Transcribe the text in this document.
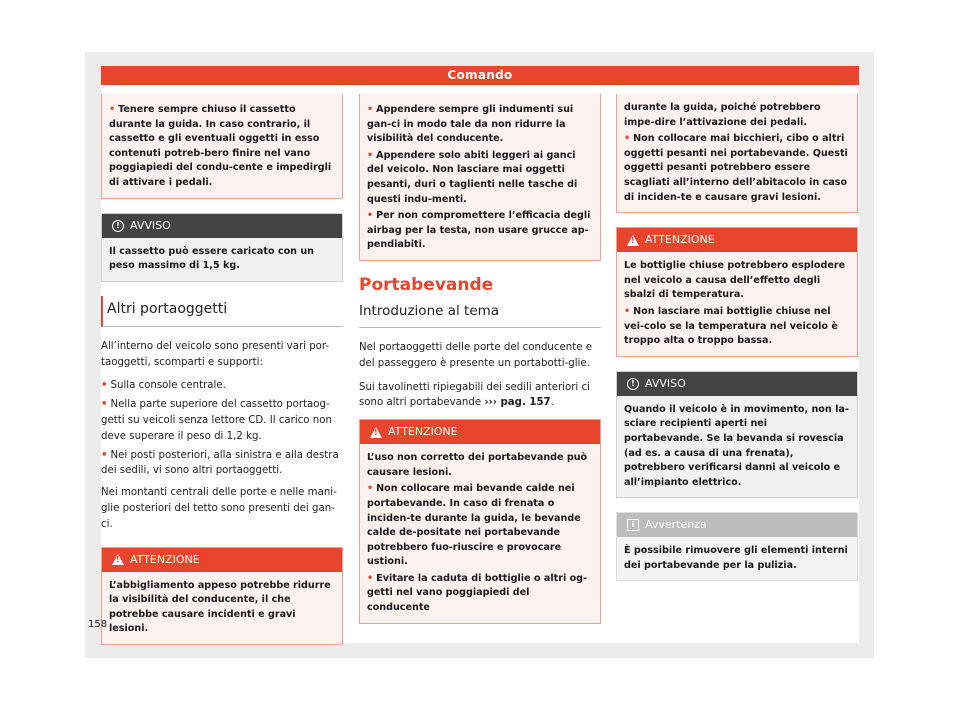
Comando

• Tenere sempre chiuso il cassetto durante la guida. In caso contrario, il cassetto e gli eventuali oggetti in esso contenuti potreb-bero finire nel vano poggiapiedi del condu-cente e impedirgli di attivare i pedali.

! AVVISO

Il cassetto può essere caricato con un peso massimo di 1,5 kg.

Altri portaoggetti

All’interno del veicolo sono presenti vari por-taoggetti, scomparti e supporti:

• Sulla console centrale.

• Nella parte superiore del cassetto portaog-getti su veicoli senza lettore CD. Il carico non deve superare il peso di 1,2 kg.

• Nei posti posteriori, alla sinistra e alla destra dei sedili, vi sono altri portaoggetti.

Nei montanti centrali delle porte e nelle mani-glie posteriori del tetto sono presenti dei gan-ci.

!
ATTENZIONE

L’abbigliamento appeso potrebbe ridurre la visibilità del conducente, il che potrebbe causare incidenti e gravi lesioni.

• Appendere sempre gli indumenti sui gan-ci in modo tale da non ridurre la visibilità del conducente.

• Appendere solo abiti leggeri ai ganci del veicolo. Non lasciare mai oggetti pesanti, duri o taglienti nelle tasche di questi indu-menti.

• Per non compromettere l’efficacia degli airbag per la testa, non usare grucce ap-pendiabiti.

Portabevande
Introduzione al tema

Nel portaoggetti delle porte del conducente e del passeggero è presente un portabotti-glie.

Sui tavolinetti ripiegabili dei sedili anteriori ci sono altri portabevande ››› pag. 157.

!
ATTENZIONE

L’uso non corretto dei portabevande può causare lesioni.

• Non collocare mai bevande calde nei portabevande. In caso di frenata o inciden-te durante la guida, le bevande calde de-positate nei portabevande potrebbero fuo-riuscire e provocare ustioni.

• Evitare la caduta di bottiglie o altri og-getti nel vano poggiapiedi del conducente

durante la guida, poiché potrebbero impe-dire l’attivazione dei pedali.

• Non collocare mai bicchieri, cibo o altri oggetti pesanti nei portabevande. Questi oggetti pesanti potrebbero essere scagliati all’interno dell’abitacolo in caso di inciden-te e causare gravi lesioni.

!
ATTENZIONE

Le bottiglie chiuse potrebbero esplodere nel veicolo a causa dell’effetto degli sbalzi di temperatura.

• Non lasciare mai bottiglie chiuse nel vei-colo se la temperatura nel veicolo è troppo alta o troppo bassa.

! AVVISO

Quando il veicolo è in movimento, non la-sciare recipienti aperti nei portabevande. Se la bevanda si rovescia (ad es. a causa di una frenata), potrebbero verificarsi danni al veicolo e all’impianto elettrico.

i Avvertenza

È possibile rimuovere gli elementi interni dei portabevande per la pulizia.

158
